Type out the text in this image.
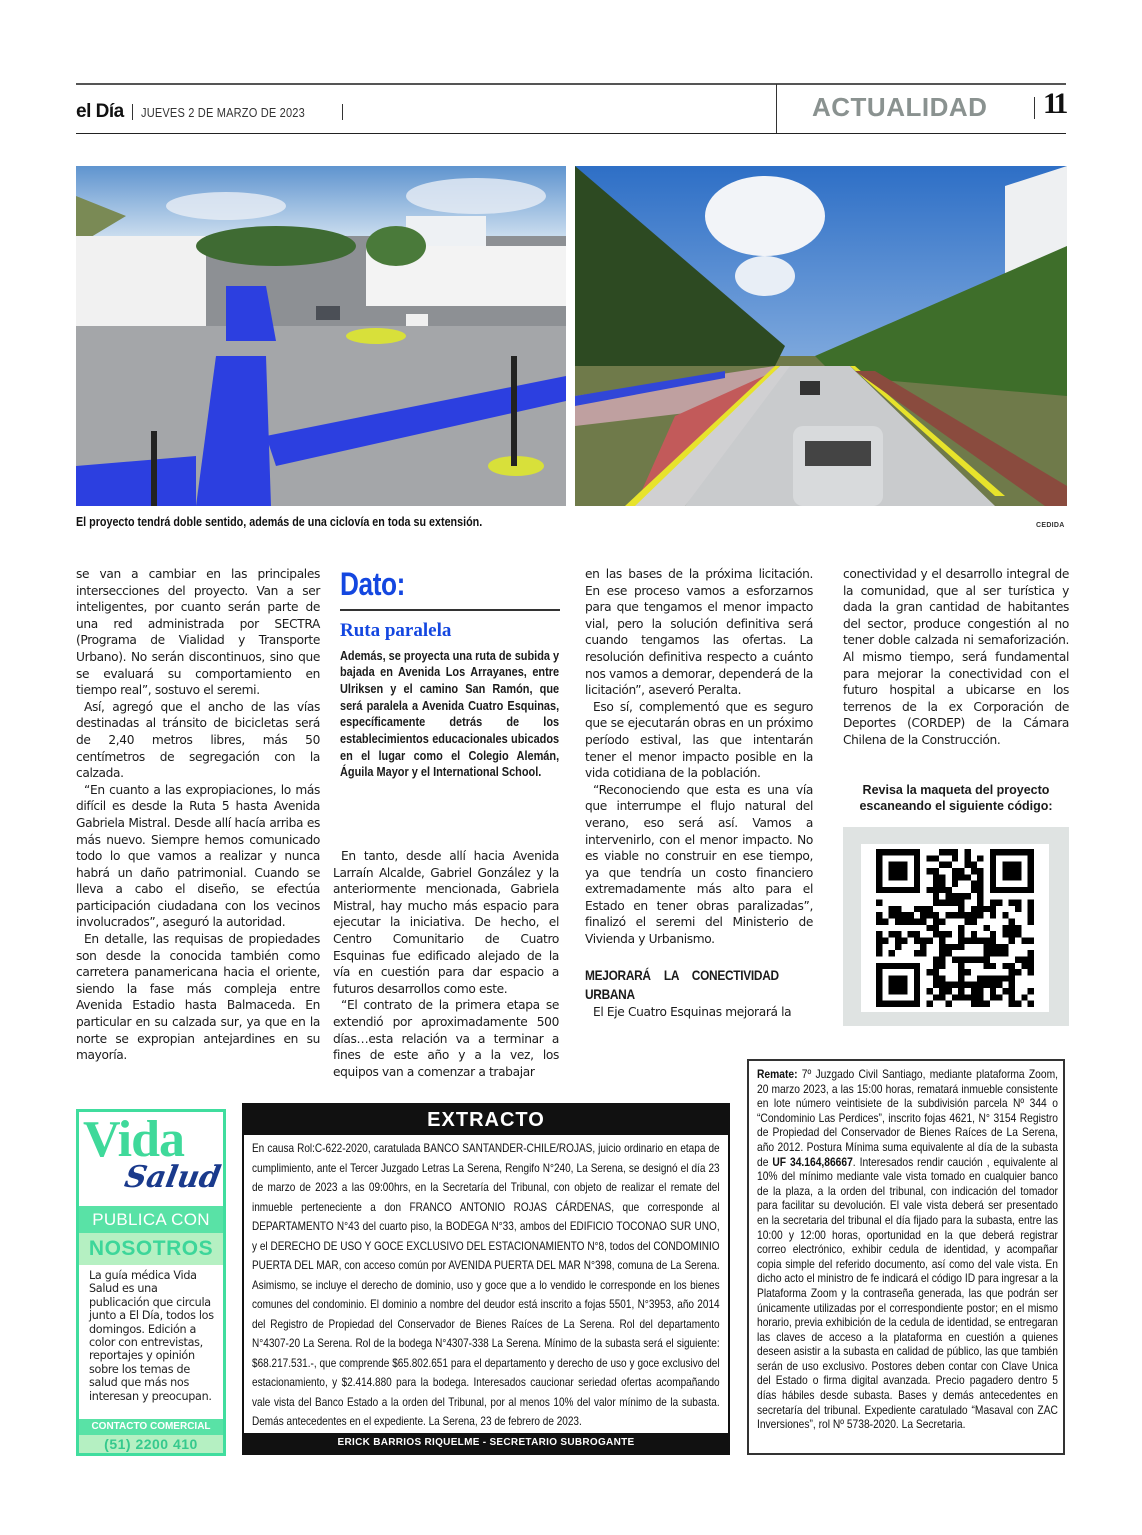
el Día JUEVES 2 DE MARZO DE 2023	ACTUALIDAD 11
El proyecto tendrá doble sentido, además de una ciclovía en toda su extensión.	CEDIDA

se van a cambiar en las principales intersecciones del proyecto. Van a ser inteligentes, por cuanto serán parte de una red administrada por SECTRA (Programa de Vialidad y Transporte Urbano). No serán discontinuos, sino que se evaluará su comportamiento en tiempo real”, sostuvo el seremi.

Así, agregó que el ancho de las vías destinadas al tránsito de bicicletas será de 2,40 metros libres, más 50 centímetros de segregación con la calzada.

“En cuanto a las expropiaciones, lo más difícil es desde la Ruta 5 hasta Avenida Gabriela Mistral. Desde allí hacía arriba es más nuevo. Siempre hemos comunicado todo lo que vamos a realizar y nunca habrá un daño patrimonial. Cuando se lleva a cabo el diseño, se efectúa participación ciudadana con los vecinos involucrados”, aseguró la autoridad.

En detalle, las requisas de propiedades son desde la conocida también como carretera panamericana hacia el oriente, siendo la fase más compleja entre Avenida Estadio hasta Balmaceda. En particular en su calzada sur, ya que en la norte se expropian antejardines en su mayoría.

Dato:
Ruta paralela
Además, se proyecta una ruta de subida y bajada en Avenida Los Arrayanes, entre Ulriksen y el camino San Ramón, que será paralela a Avenida Cuatro Esquinas, específicamente detrás de los establecimientos educacionales ubicados en el lugar como el Colegio Alemán, Águila Mayor y el International School.

En tanto, desde allí hacia Avenida Larraín Alcalde, Gabriel González y la anteriormente mencionada, Gabriela Mistral, hay mucho más espacio para ejecutar la iniciativa. De hecho, el Centro Comunitario de Cuatro Esquinas fue edificado alejado de la vía en cuestión para dar espacio a futuros desarrollos como este.

“El contrato de la primera etapa se extendió por aproximadamente 500 días…esta relación va a terminar a fines de este año y a la vez, los equipos van a comenzar a trabajar

en las bases de la próxima licitación. En ese proceso vamos a esforzarnos para que tengamos el menor impacto vial, pero la solución definitiva será cuando tengamos las ofertas. La resolución definitiva respecto a cuánto nos vamos a demorar, dependerá de la licitación”, aseveró Peralta.

Eso sí, complementó que es seguro que se ejecutarán obras en un próximo período estival, las que intentarán tener el menor impacto posible en la vida cotidiana de la población.

“Reconociendo que esta es una vía que interrumpe el flujo natural del verano, eso será así. Vamos a intervenirlo, con el menor impacto. No es viable no construir en ese tiempo, ya que tendría un costo financiero extremadamente más alto para el Estado en tener obras paralizadas”, finalizó el seremi del Ministerio de Vivienda y Urbanismo.

MEJORARÁ LA CONECTIVIDAD URBANA

El Eje Cuatro Esquinas mejorará la

conectividad y el desarrollo integral de la comunidad, que al ser turística y dada la gran cantidad de habitantes del sector, produce congestión al no tener doble calzada ni semaforización. Al mismo tiempo, será fundamental para mejorar la conectividad con el futuro hospital a ubicarse en los terrenos de la ex Corporación de Deportes (CORDEP) de la Cámara Chilena de la Construcción.

Revisa la maqueta del proyecto escaneando el siguiente código:
Vida
Salud
PUBLICA CON
NOSOTROS
La guía médica Vida Salud es una publicación que circula junto a El Día, todos los domingos. Edición a color con entrevistas, reportajes y opinión sobre los temas de salud que más nos interesan y preocupan.
CONTACTO COMERCIAL
(51) 2200 410
EXTRACTO
En causa Rol:C-622-2020, caratulada BANCO SANTANDER-CHILE/ROJAS, juicio ordinario en etapa de cumplimiento, ante el Tercer Juzgado Letras La Serena, Rengifo N°240, La Serena, se designó el día 23 de marzo de 2023 a las 09:00hrs, en la Secretaría del Tribunal, con objeto de realizar el remate del inmueble perteneciente a don FRANCO ANTONIO ROJAS CÁRDENAS, que corresponde al DEPARTAMENTO N°43 del cuarto piso, la BODEGA N°33, ambos del EDIFICIO TOCONAO SUR UNO, y el DERECHO DE USO Y GOCE EXCLUSIVO DEL ESTACIONAMIENTO N°8, todos del CONDOMINIO PUERTA DEL MAR, con acceso común por AVENIDA PUERTA DEL MAR N°398, comuna de La Serena. Asimismo, se incluye el derecho de dominio, uso y goce que a lo vendido le corresponde en los bienes comunes del condominio. El dominio a nombre del deudor está inscrito a fojas 5501, N°3953, año 2014 del Registro de Propiedad del Conservador de Bienes Raíces de La Serena. Rol del departamento N°4307-20 La Serena. Rol de la bodega N°4307-338 La Serena. Mínimo de la subasta será el siguiente: $68.217.531.-, que comprende $65.802.651 para el departamento y derecho de uso y goce exclusivo del estacionamiento, y $2.414.880 para la bodega. Interesados caucionar seriedad ofertas acompañando vale vista del Banco Estado a la orden del Tribunal, por al menos 10% del valor mínimo de la subasta. Demás antecedentes en el expediente. La Serena, 23 de febrero de 2023.
ERICK BARRIOS RIQUELME - SECRETARIO SUBROGANTE
Remate: 7º Juzgado Civil Santiago, mediante plataforma Zoom, 20 marzo 2023, a las 15:00 horas, rematará inmueble consistente en lote número veintisiete de la subdivisión parcela Nº 344 o “Condominio Las Perdices”, inscrito fojas 4621, N° 3154 Registro de Propiedad del Conservador de Bienes Raíces de La Serena, año 2012. Postura Mínima suma equivalente al día de la subasta de UF 34.164,86667. Interesados rendir caución , equivalente al 10% del mínimo mediante vale vista tomado en cualquier banco de la plaza, a la orden del tribunal, con indicación del tomador para facilitar su devolución. El vale vista deberá ser presentado en la secretaria del tribunal el día fijado para la subasta, entre las 10:00 y 12:00 horas, oportunidad en la que deberá registrar correo electrónico, exhibir cedula de identidad, y acompañar copia simple del referido documento, así como del vale vista. En dicho acto el ministro de fe indicará el código ID para ingresar a la Plataforma Zoom y la contraseña generada, las que podrán ser únicamente utilizadas por el correspondiente postor; en el mismo horario, previa exhibición de la cedula de identidad, se entregaran las claves de acceso a la plataforma en cuestión a quienes deseen asistir a la subasta en calidad de público, las que también serán de uso exclusivo. Postores deben contar con Clave Unica del Estado o firma digital avanzada. Precio pagadero dentro 5 días hábiles desde subasta. Bases y demás antecedentes en secretaría del tribunal. Expediente caratulado “Masaval con ZAC Inversiones”, rol Nº 5738-2020. La Secretaria.
